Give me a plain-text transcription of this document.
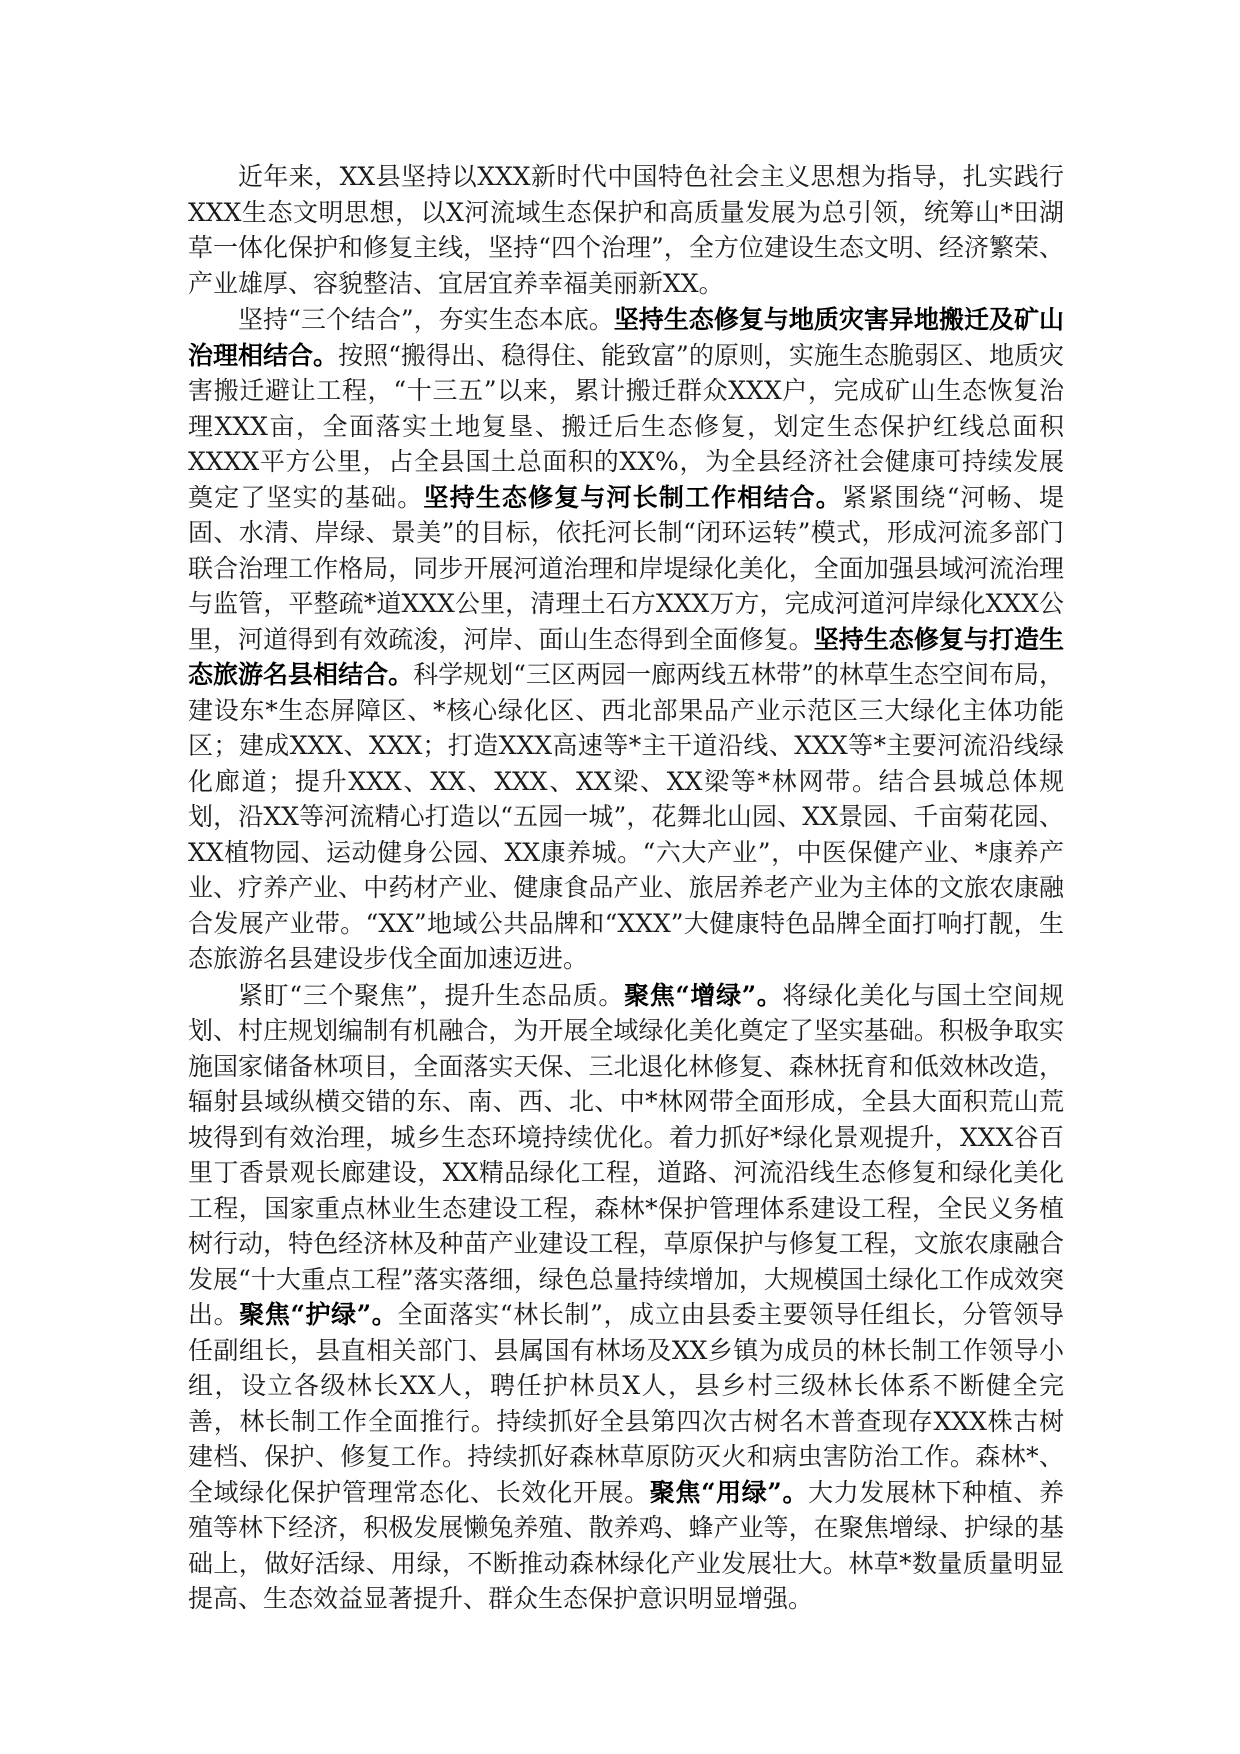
近年来，XX县坚持以XXX新时代中国特色社会主义思想为指导，扎实践行XXX生态文明思想，以X河流域生态保护和高质量发展为总引领，统筹山*田湖草一体化保护和修复主线，坚持“四个治理”，全方位建设生态文明、经济繁荣、产业雄厚、容貌整洁、宜居宜养幸福美丽新XX。

坚持“三个结合”，夯实生态本底。坚持生态修复与地质灾害异地搬迁及矿山治理相结合。按照“搬得出、稳得住、能致富”的原则，实施生态脆弱区、地质灾害搬迁避让工程，“十三五”以来，累计搬迁群众XXX户，完成矿山生态恢复治理XXX亩，全面落实土地复垦、搬迁后生态修复，划定生态保护红线总面积XXXX平方公里，占全县国土总面积的XX%，为全县经济社会健康可持续发展奠定了坚实的基础。坚持生态修复与河长制工作相结合。紧紧围绕“河畅、堤固、水清、岸绿、景美”的目标，依托河长制“闭环运转”模式，形成河流多部门联合治理工作格局，同步开展河道治理和岸堤绿化美化，全面加强县域河流治理与监管，平整疏*道XXX公里，清理土石方XXX万方，完成河道河岸绿化XXX公里，河道得到有效疏浚，河岸、面山生态得到全面修复。坚持生态修复与打造生态旅游名县相结合。科学规划“三区两园一廊两线五林带”的林草生态空间布局，建设东*生态屏障区、*核心绿化区、西北部果品产业示范区三大绿化主体功能区；建成XXX、XXX；打造XXX高速等*主干道沿线、XXX等*主要河流沿线绿化廊道；提升XXX、XX、XXX、XX梁、XX梁等*林网带。结合县城总体规划，沿XX等河流精心打造以“五园一城”，花舞北山园、XX景园、千亩菊花园、XX植物园、运动健身公园、XX康养城。“六大产业”，中医保健产业、*康养产业、疗养产业、中药材产业、健康食品产业、旅居养老产业为主体的文旅农康融合发展产业带。“XX”地域公共品牌和“XXX”大健康特色品牌全面打响打靓，生态旅游名县建设步伐全面加速迈进。

紧盯“三个聚焦”，提升生态品质。聚焦“增绿”。将绿化美化与国土空间规划、村庄规划编制有机融合，为开展全域绿化美化奠定了坚实基础。积极争取实施国家储备林项目，全面落实天保、三北退化林修复、森林抚育和低效林改造，辐射县域纵横交错的东、南、西、北、中*林网带全面形成，全县大面积荒山荒坡得到有效治理，城乡生态环境持续优化。着力抓好*绿化景观提升，XXX谷百里丁香景观长廊建设，XX精品绿化工程，道路、河流沿线生态修复和绿化美化工程，国家重点林业生态建设工程，森林*保护管理体系建设工程，全民义务植树行动，特色经济林及种苗产业建设工程，草原保护与修复工程，文旅农康融合发展“十大重点工程”落实落细，绿色总量持续增加，大规模国土绿化工作成效突出。聚焦“护绿”。全面落实“林长制”，成立由县委主要领导任组长，分管领导任副组长，县直相关部门、县属国有林场及XX乡镇为成员的林长制工作领导小组，设立各级林长XX人，聘任护林员X人，县乡村三级林长体系不断健全完善，林长制工作全面推行。持续抓好全县第四次古树名木普查现存XXX株古树建档、保护、修复工作。持续抓好森林草原防灭火和病虫害防治工作。森林*、全域绿化保护管理常态化、长效化开展。聚焦“用绿”。大力发展林下种植、养殖等林下经济，积极发展懒兔养殖、散养鸡、蜂产业等，在聚焦增绿、护绿的基础上，做好活绿、用绿，不断推动森林绿化产业发展壮大。林草*数量质量明显提高、生态效益显著提升、群众生态保护意识明显增强。
